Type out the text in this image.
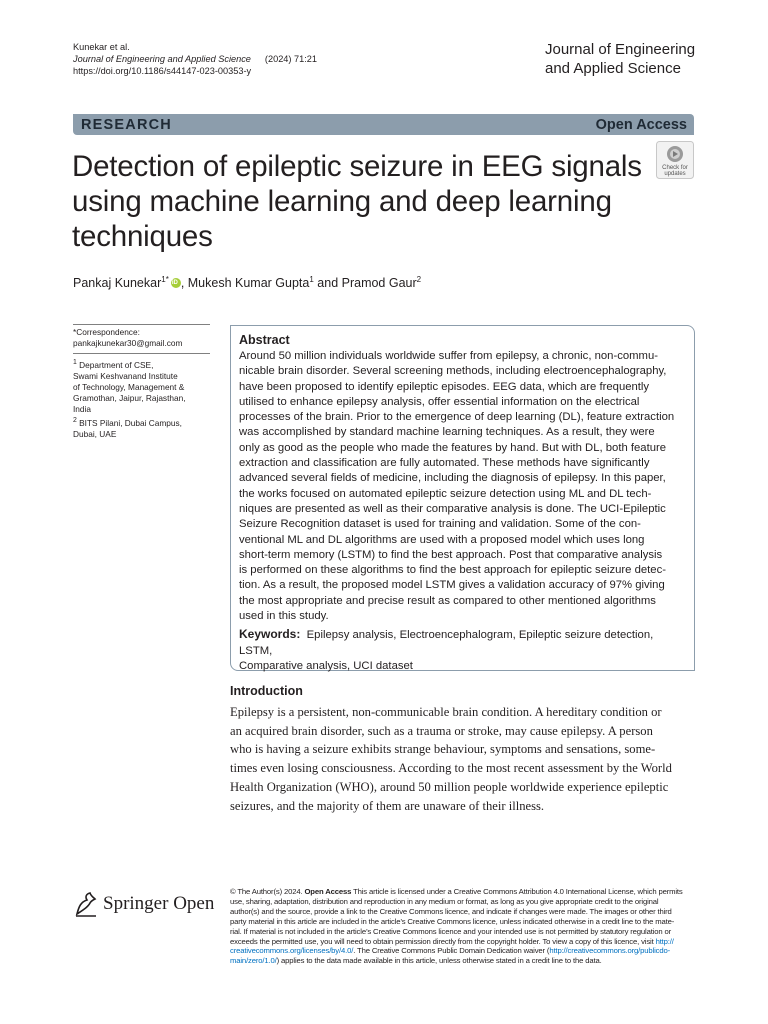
Kunekar et al.
Journal of Engineering and Applied Science (2024) 71:21
https://doi.org/10.1186/s44147-023-00353-y
Journal of Engineering
and Applied Science
RESEARCH	Open Access
Detection of epileptic seizure in EEG signals
using machine learning and deep learning
techniques
Check for
updates
Pankaj Kunekar$^{1*}$iD , Mukesh Kumar Gupta$^1$ and Pramod Gaur$^2$
*Correspondence:
pankajkunekar30@gmail.com
$^1$ Department of CSE,
Swami Keshvanand Institute
of Technology, Management &
Gramothan, Jaipur, Rajasthan,
India
$^2$ BITS Pilani, Dubai Campus,
Dubai, UAE
Abstract
Around 50 million individuals worldwide suffer from epilepsy, a chronic, non-commu-
nicable brain disorder. Several screening methods, including electroencephalography,
have been proposed to identify epileptic episodes. EEG data, which are frequently
utilised to enhance epilepsy analysis, offer essential information on the electrical
processes of the brain. Prior to the emergence of deep learning (DL), feature extraction
was accomplished by standard machine learning techniques. As a result, they were
only as good as the people who made the features by hand. But with DL, both feature
extraction and classification are fully automated. These methods have significantly
advanced several fields of medicine, including the diagnosis of epilepsy. In this paper,
the works focused on automated epileptic seizure detection using ML and DL tech-
niques are presented as well as their comparative analysis is done. The UCI-Epileptic
Seizure Recognition dataset is used for training and validation. Some of the con-
ventional ML and DL algorithms are used with a proposed model which uses long
short-term memory (LSTM) to find the best approach. Post that comparative analysis
is performed on these algorithms to find the best approach for epileptic seizure detec-
tion. As a result, the proposed model LSTM gives a validation accuracy of 97% giving
the most appropriate and precise result as compared to other mentioned algorithms
used in this study.
Keywords: Epilepsy analysis, Electroencephalogram, Epileptic seizure detection, LSTM,
Comparative analysis, UCI dataset
Introduction
Epilepsy is a persistent, non-communicable brain condition. A hereditary condition or
an acquired brain disorder, such as a trauma or stroke, may cause epilepsy. A person
who is having a seizure exhibits strange behaviour, symptoms and sensations, some-
times even losing consciousness. According to the most recent assessment by the World
Health Organization (WHO), around 50 million people worldwide experience epileptic
seizures, and the majority of them are unaware of their illness.
Springer Open
© The Author(s) 2024. Open Access This article is licensed under a Creative Commons Attribution 4.0 International License, which permits
use, sharing, adaptation, distribution and reproduction in any medium or format, as long as you give appropriate credit to the original
author(s) and the source, provide a link to the Creative Commons licence, and indicate if changes were made. The images or other third
party material in this article are included in the article’s Creative Commons licence, unless indicated otherwise in a credit line to the mate-
rial. If material is not included in the article’s Creative Commons licence and your intended use is not permitted by statutory regulation or
exceeds the permitted use, you will need to obtain permission directly from the copyright holder. To view a copy of this licence, visit http://
creativecommons.org/licenses/by/4.0/. The Creative Commons Public Domain Dedication waiver (http://creativecommons.org/publicdo-
main/zero/1.0/) applies to the data made available in this article, unless otherwise stated in a credit line to the data.
